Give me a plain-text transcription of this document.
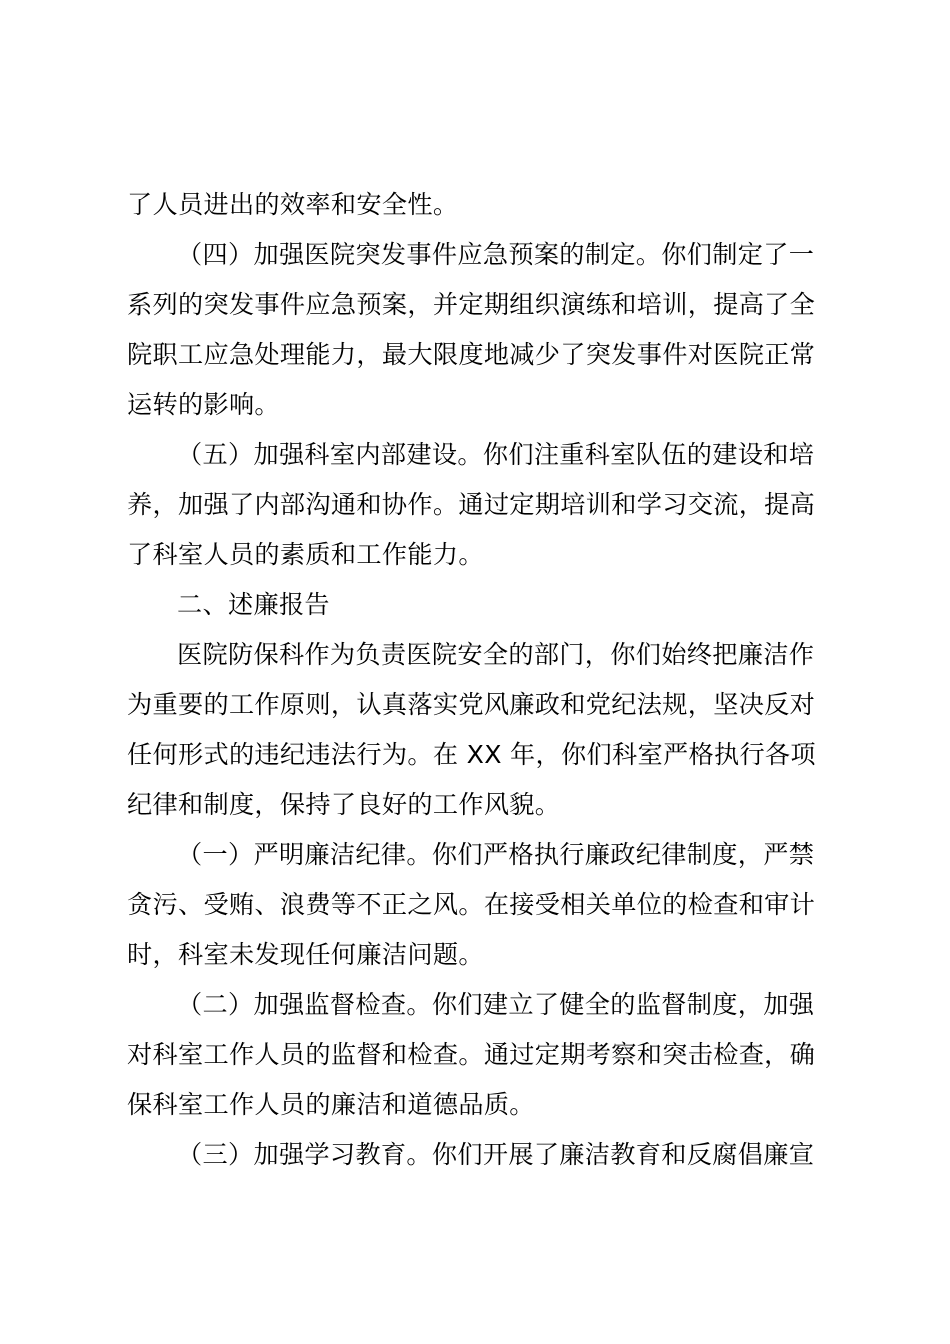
了人员进出的效率和安全性。
（四）加强医院突发事件应急预案的制定。你们制定了一
系列的突发事件应急预案，并定期组织演练和培训，提高了全
院职工应急处理能力，最大限度地减少了突发事件对医院正常
运转的影响。
（五）加强科室内部建设。你们注重科室队伍的建设和培
养，加强了内部沟通和协作。通过定期培训和学习交流，提高
了科室人员的素质和工作能力。
二、述廉报告
医院防保科作为负责医院安全的部门，你们始终把廉洁作
为重要的工作原则，认真落实党风廉政和党纪法规，坚决反对
任何形式的违纪违法行为。在 XX 年，你们科室严格执行各项
纪律和制度，保持了良好的工作风貌。
（一）严明廉洁纪律。你们严格执行廉政纪律制度，严禁
贪污、受贿、浪费等不正之风。在接受相关单位的检查和审计
时，科室未发现任何廉洁问题。
（二）加强监督检查。你们建立了健全的监督制度，加强
对科室工作人员的监督和检查。通过定期考察和突击检查，确
保科室工作人员的廉洁和道德品质。
（三）加强学习教育。你们开展了廉洁教育和反腐倡廉宣
